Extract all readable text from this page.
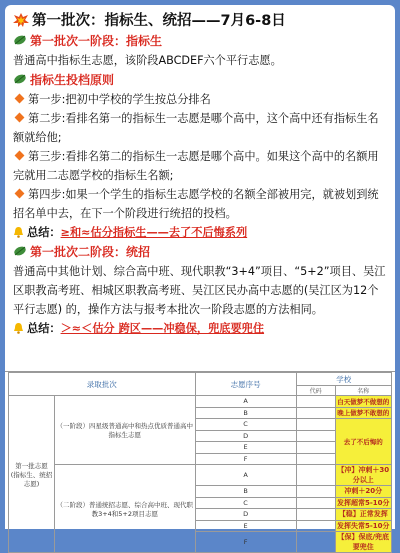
第一批次：指标生、统招——7月6-8日
第一批次一阶段：指标生
普通高中指标生志愿，该阶段ABCDEF六个平行志愿。
指标生投档原则
第一步:把初中学校的学生按总分排名
第二步:看排名第一的指标生一志愿是哪个高中，这个高中还有指标生名额就给他;
第三步:看排名第二的指标生一志愿是哪个高中。如果这个高中的名额用完就用二志愿学校的指标生名额;
第四步:如果一个学生的指标生志愿学校的名额全部被用完，就被划到统招名单中去，在下一个阶段进行统招的投档。
总结：≥和≈估分指标生——去了不后悔系列
第一批次二阶段：统招
普通高中其他计划、综合高中班、现代职教“3+4”项目、“5+2”项目、吴江区职教高考班、相城区职教高考班、吴江区民办高中志愿的(吴江区为12个平行志愿) 的，操作方法与报考本批次一阶段志愿的方法相同。
总结：＞≈＜估分 跨区——冲稳保，兜底要兜住
录取批次		志愿序号	学校	
			代码	名称

第一批志愿
(指标生、统招志愿)	（一阶段）四星级普通高中和热点优质普通高中指标生志愿	A		白天做梦不做想的
		B		晚上做梦不敢想的
		C		去了不后悔的
		D		
		E		
		F		
	（二阶段）普通统招志愿、综合高中班、现代职教3+4和5+2项目志愿	A		【冲】冲刺＋30分以上
		B		冲刺＋20分
		C		发挥超常5-10分
		D		【稳】正常发挥
		E		发挥失常5-10分
		F		【保】保底/兜底要兜住
